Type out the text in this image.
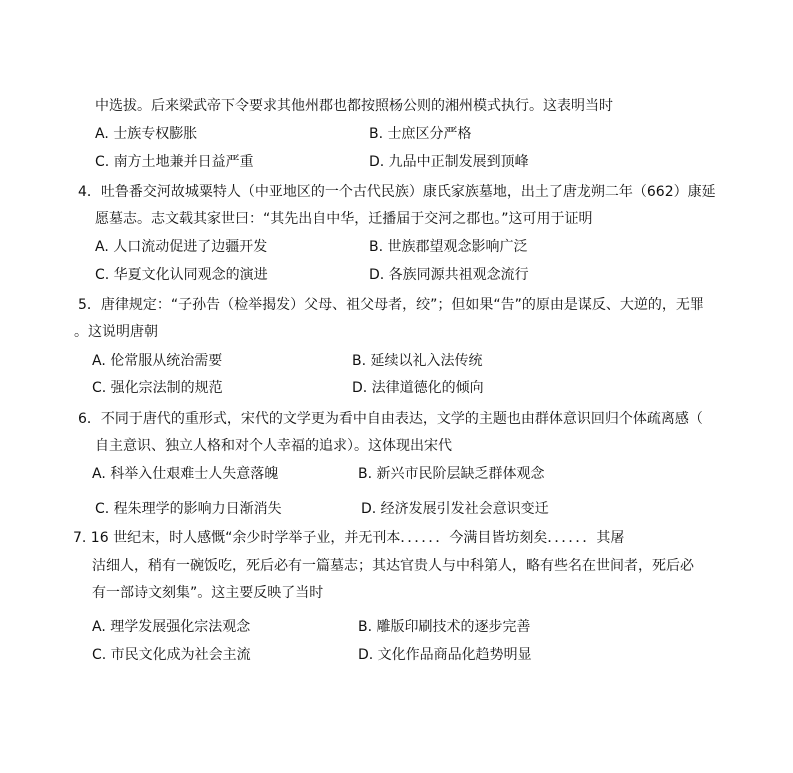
中选拔。后来梁武帝下令要求其他州郡也都按照杨公则的湘州模式执行。这表明当时
A. 士族专权膨胀	B. 士庶区分严格
C. 南方土地兼并日益严重	D. 九品中正制发展到顶峰
4．吐鲁番交河故城粟特人（中亚地区的一个古代民族）康氏家族墓地，出土了唐龙朔二年（662）康延
愿墓志。志文载其家世曰：“其先出自中华，迁播届于交河之郡也。”这可用于证明
A. 人口流动促进了边疆开发	B. 世族郡望观念影响广泛
C. 华夏文化认同观念的演进	D. 各族同源共祖观念流行
5．唐律规定：“子孙告（检举揭发）父母、祖父母者，绞”；但如果“告”的原由是谋反、大逆的，无罪
。这说明唐朝
A. 伦常服从统治需要	B. 延续以礼入法传统
C. 强化宗法制的规范	D. 法律道德化的倾向
6．不同于唐代的重形式，宋代的文学更为看中自由表达，文学的主题也由群体意识回归个体疏离感（
自主意识、独立人格和对个人幸福的追求）。这体现出宋代
A. 科举入仕艰难士人失意落魄	B. 新兴市民阶层缺乏群体观念
C. 程朱理学的影响力日渐消失	D. 经济发展引发社会意识变迁
7. 16 世纪末，时人感慨“余少时学举子业，并无刊本．．．．．．今满目皆坊刻矣．．．．．．其屠
沽细人，稍有一碗饭吃，死后必有一篇墓志；其达官贵人与中科第人，略有些名在世间者，死后必
有一部诗文刻集”。这主要反映了当时
A. 理学发展强化宗法观念	B. 雕版印刷技术的逐步完善
C. 市民文化成为社会主流	D. 文化作品商品化趋势明显
